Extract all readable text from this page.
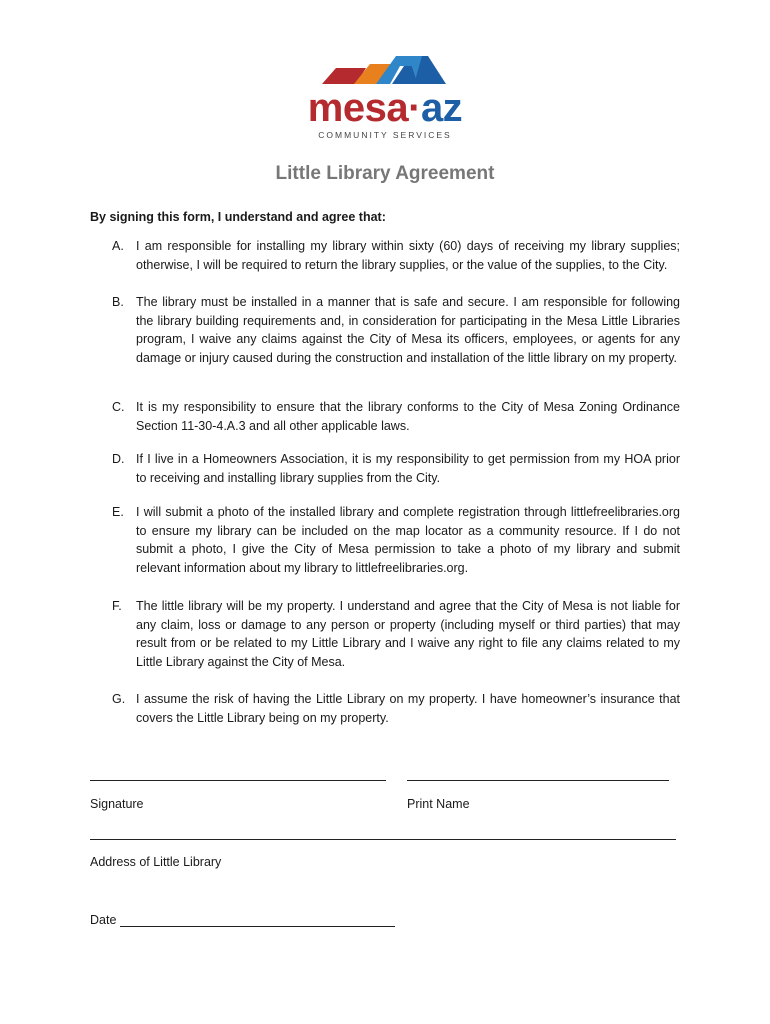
mesa·az
COMMUNITY SERVICES
Little Library Agreement
By signing this form, I understand and agree that:
A. I am responsible for installing my library within sixty (60) days of receiving my library supplies; otherwise, I will be required to return the library supplies, or the value of the supplies, to the City.
B. The library must be installed in a manner that is safe and secure. I am responsible for following the library building requirements and, in consideration for participating in the Mesa Little Libraries program, I waive any claims against the City of Mesa its officers, employees, or agents for any damage or injury caused during the construction and installation of the little library on my property.
C. It is my responsibility to ensure that the library conforms to the City of Mesa Zoning Ordinance Section 11-30-4.A.3 and all other applicable laws.
D. If I live in a Homeowners Association, it is my responsibility to get permission from my HOA prior to receiving and installing library supplies from the City.
E. I will submit a photo of the installed library and complete registration through littlefreelibraries.org to ensure my library can be included on the map locator as a community resource. If I do not submit a photo, I give the City of Mesa permission to take a photo of my library and submit relevant information about my library to littlefreelibraries.org.
F.	The little library will be my property. I understand and agree that the City of Mesa is not liable for any claim, loss or damage to any person or property (including myself or third parties) that may result from or be related to my Little Library and I waive any right to file any claims related to my Little Library against the City of Mesa.
G. I assume the risk of having the Little Library on my property. I have homeowner’s insurance that covers the Little Library being on my property.
Signature	Print Name
Address of Little Library
Date
